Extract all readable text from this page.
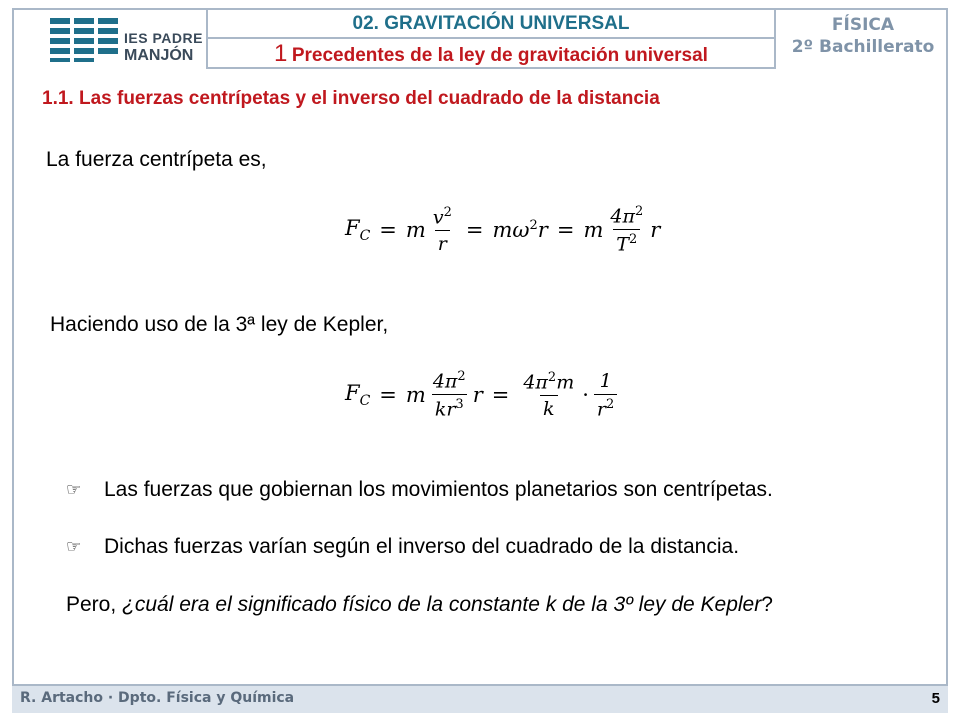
IES PADRE
MANJÓN
02. GRAVITACIÓN UNIVERSAL
1 Precedentes de la ley de gravitación universal
FÍSICA
2º Bachillerato
1.1. Las fuerzas centrípetas y el inverso del cuadrado de la distancia
La fuerza centrípeta es,
$F_C = m \frac{v^2}{r} = m\omega^2r = m \frac{4\pi^2}{T^2}$ r
Haciendo uso de la 3ª ley de Kepler,
$F_C = m \frac{4\pi^2}{kr^3}$ $r = \frac{4\pi^2m}{k} \cdot \frac{1}{r^2}$
☞	Las fuerzas que gobiernan los movimientos planetarios son centrípetas.
☞	Dichas fuerzas varían según el inverso del cuadrado de la distancia.
Pero, ¿cuál era el significado físico de la constante k de la 3º ley de Kepler?
R. Artacho · Dpto. Física y Química	5
